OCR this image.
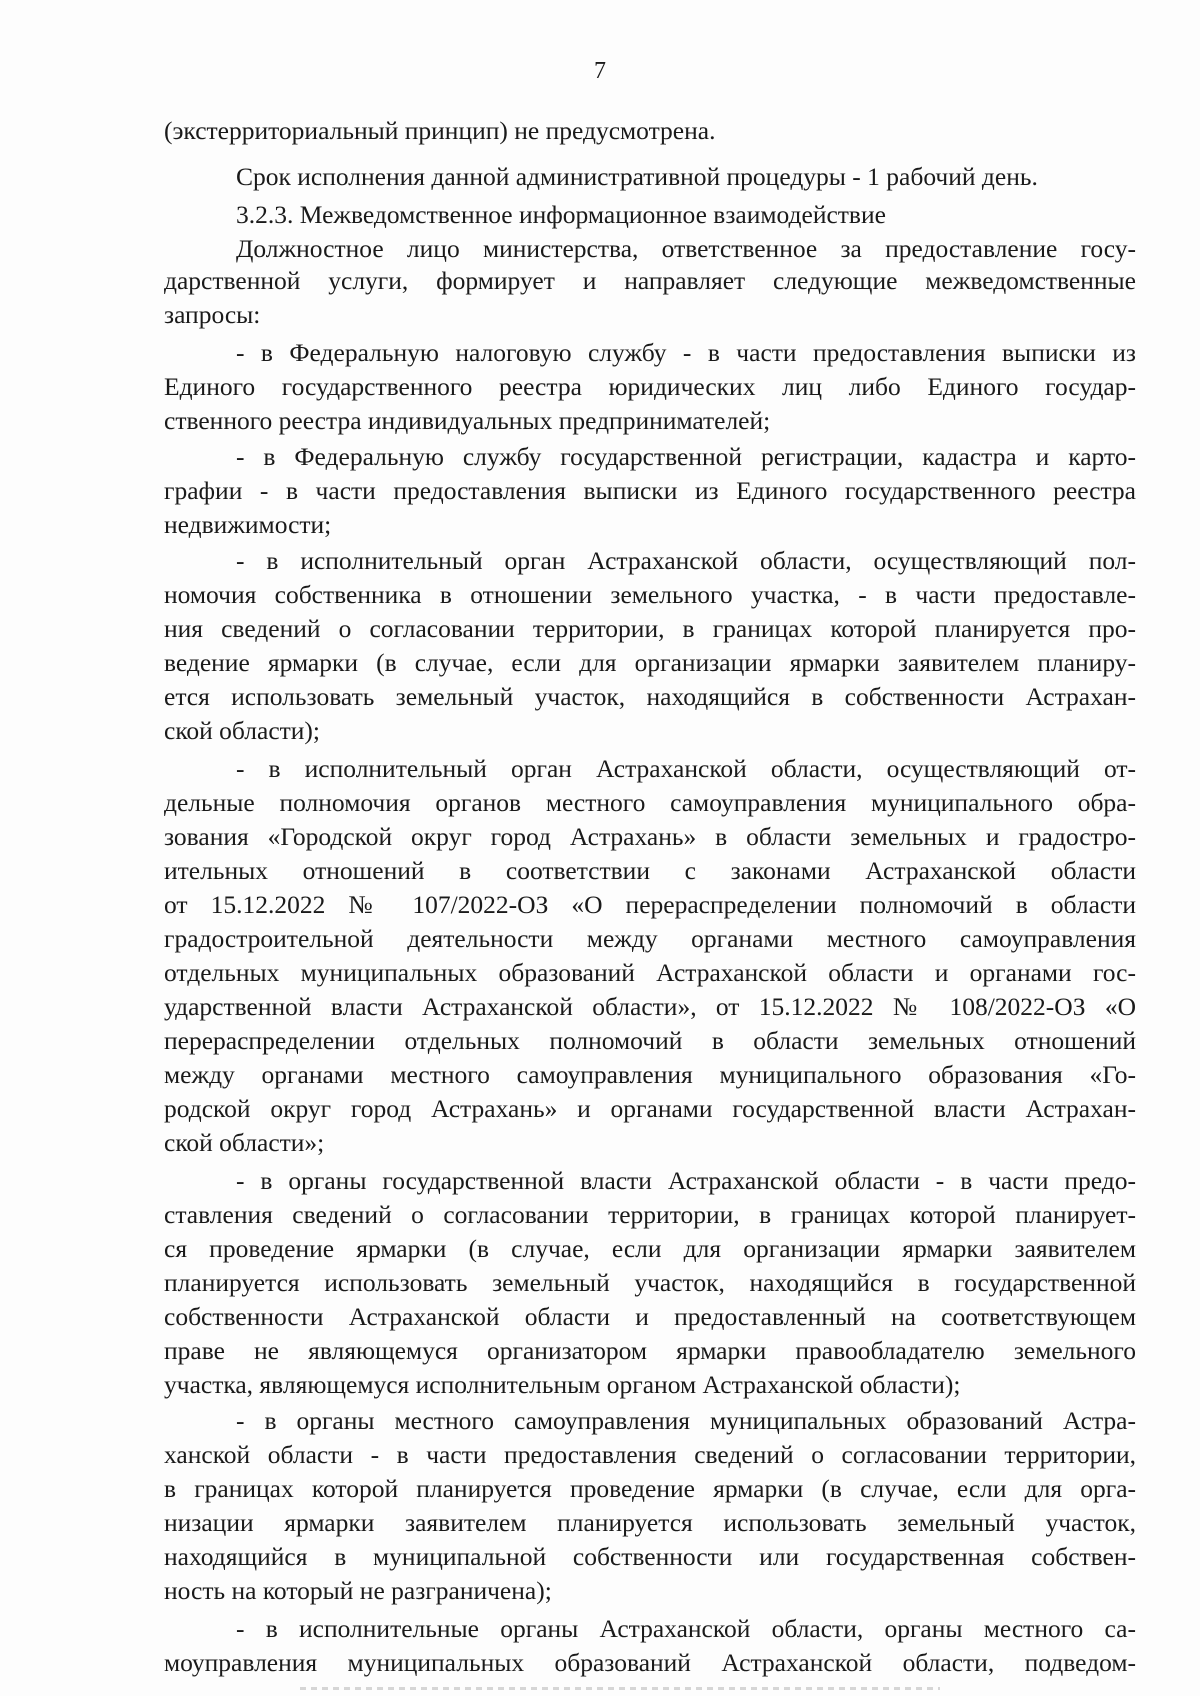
7
(экстерриториальный принцип) не предусмотрена.
Срок исполнения данной административной процедуры - 1 рабочий день.
3.2.3. Межведомственное информационное взаимодействие
Должностное лицо министерства, ответственное за предоставление госу-
дарственной услуги, формирует и направляет следующие межведомственные
запросы:
- в Федеральную налоговую службу - в части предоставления выписки из
Единого государственного реестра юридических лиц либо Единого государ-
ственного реестра индивидуальных предпринимателей;
- в Федеральную службу государственной регистрации, кадастра и карто-
графии - в части предоставления выписки из Единого государственного реестра
недвижимости;
- в исполнительный орган Астраханской области, осуществляющий пол-
номочия собственника в отношении земельного участка, - в части предоставле-
ния сведений о согласовании территории, в границах которой планируется про-
ведение ярмарки (в случае, если для организации ярмарки заявителем планиру-
ется использовать земельный участок, находящийся в собственности Астрахан-
ской области);
- в исполнительный орган Астраханской области, осуществляющий от-
дельные полномочия органов местного самоуправления муниципального обра-
зования «Городской округ город Астрахань» в области земельных и градостро-
ительных отношений в соответствии с законами Астраханской области
от 15.12.2022 № 107/2022-ОЗ «О перераспределении полномочий в области
градостроительной деятельности между органами местного самоуправления
отдельных муниципальных образований Астраханской области и органами гос-
ударственной власти Астраханской области», от 15.12.2022 № 108/2022-ОЗ «О
перераспределении отдельных полномочий в области земельных отношений
между органами местного самоуправления муниципального образования «Го-
родской округ город Астрахань» и органами государственной власти Астрахан-
ской области»;
- в органы государственной власти Астраханской области - в части предо-
ставления сведений о согласовании территории, в границах которой планирует-
ся проведение ярмарки (в случае, если для организации ярмарки заявителем
планируется использовать земельный участок, находящийся в государственной
собственности Астраханской области и предоставленный на соответствующем
праве не являющемуся организатором ярмарки правообладателю земельного
участка, являющемуся исполнительным органом Астраханской области);
- в органы местного самоуправления муниципальных образований Астра-
ханской области - в части предоставления сведений о согласовании территории,
в границах которой планируется проведение ярмарки (в случае, если для орга-
низации ярмарки заявителем планируется использовать земельный участок,
находящийся в муниципальной собственности или государственная собствен-
ность на который не разграничена);
- в исполнительные органы Астраханской области, органы местного са-
моуправления муниципальных образований Астраханской области, подведом-
